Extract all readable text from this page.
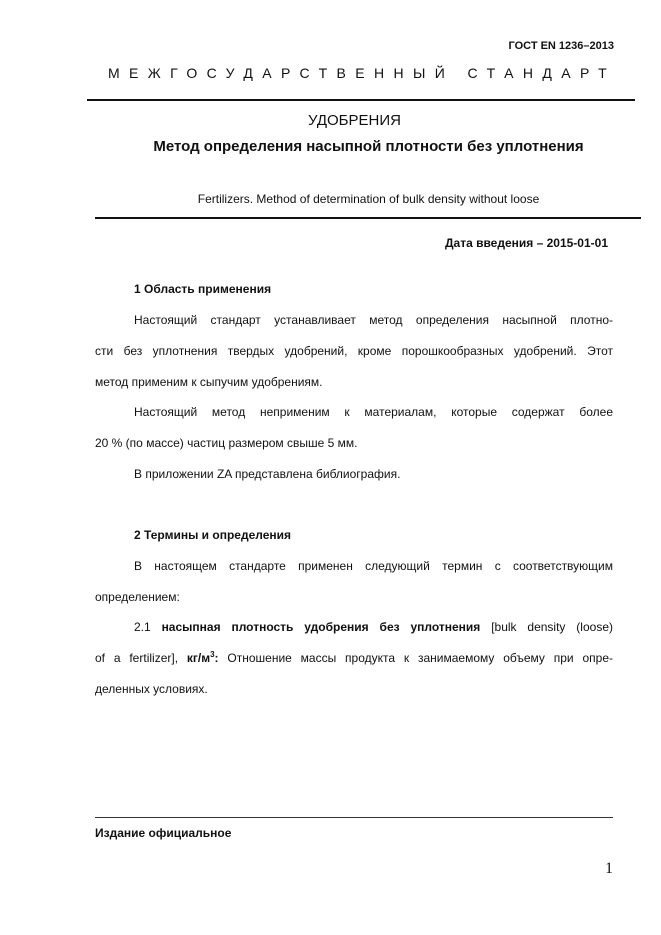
ГОСТ EN 1236–2013
МЕЖГОСУДАРСТВЕННЫЙ СТАНДАРТ
УДОБРЕНИЯ
Метод определения насыпной плотности без уплотнения
Fertilizers. Method of determination of bulk density without loose
Дата введения – 2015-01-01
1 Область применения
Настоящий стандарт устанавливает метод определения насыпной плотно-
сти без уплотнения твердых удобрений, кроме порошкообразных удобрений. Этот
метод применим к сыпучим удобрениям.
Настоящий метод неприменим к материалам, которые содержат более
20 % (по массе) частиц размером свыше 5 мм.
В приложении ZA представлена библиография.
2 Термины и определения
В настоящем стандарте применен следующий термин с соответствующим
определением:
2.1 насыпная плотность удобрения без уплотнения [bulk density (loose)
of a fertilizer], $кг/м^3$: Отношение массы продукта к занимаемому объему при опре-
деленных условиях.
Издание официальное
1
